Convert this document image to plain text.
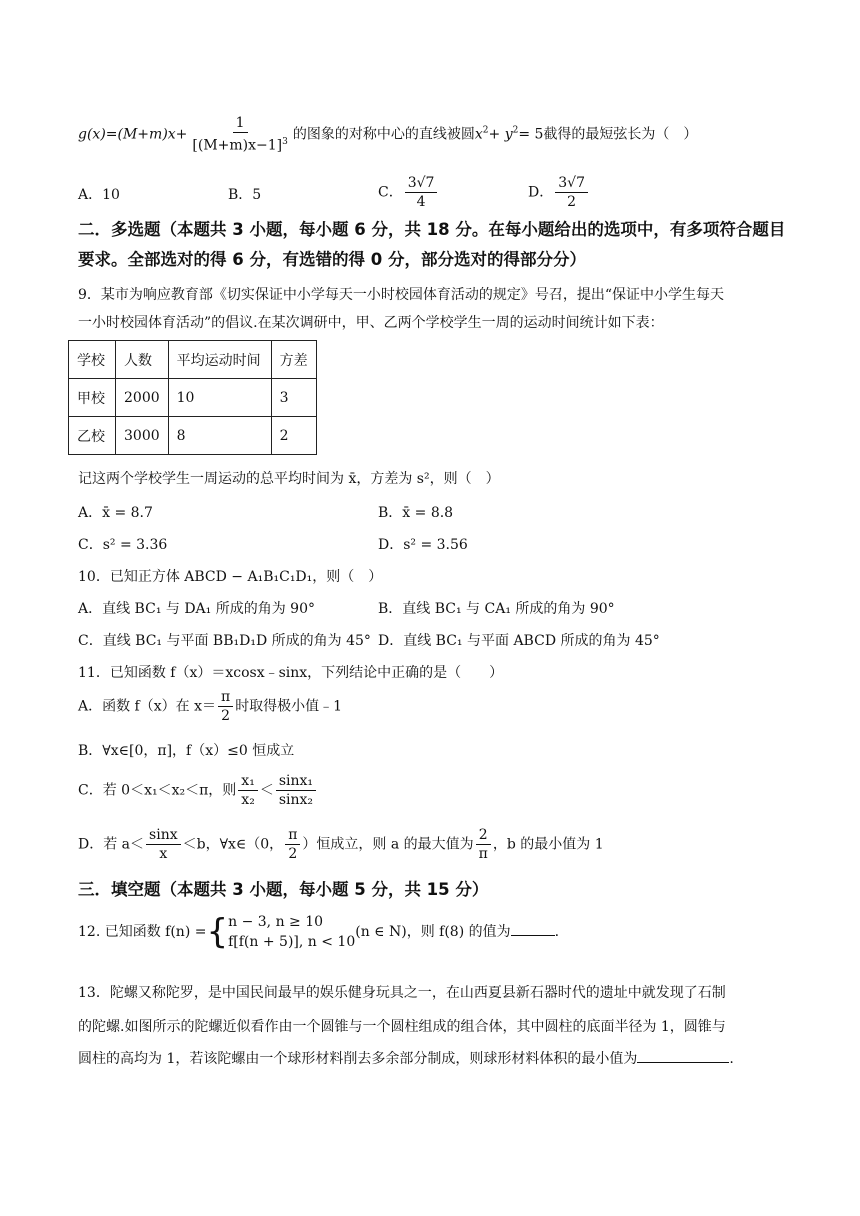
$g(x)=(M+m)x+ \frac{1}{[(M+m)x-1]^3}$ 的图象的对称中心的直线被圆$x^2+ y^2= 5$截得的最短弦长为（　）
A．10	B．5	C． $\frac{3√7}{4}$	D． $\frac{3√7}{2}$
二．多选题（本题共 3 小题，每小题 6 分，共 18 分。在每小题给出的选项中，有多项符合题目
要求。全部选对的得 6 分，有选错的得 0 分，部分选对的得部分分）
9．某市为响应教育部《切实保证中小学每天一小时校园体育活动的规定》号召，提出“保证中小学生每天
一小时校园体育活动”的倡议.在某次调研中，甲、乙两个学校学生一周的运动时间统计如下表：
学校	人数	平均运动时间	方差
甲校	2000	10	3
乙校	3000	8	2
记这两个学校学生一周运动的总平均时间为 x̄，方差为 s²，则（　）
A．x̄ = 8.7	B．x̄ = 8.8
C．s² = 3.36	D．s² = 3.56
10．已知正方体 ABCD − A₁B₁C₁D₁，则（　）
A．直线 BC₁ 与 DA₁ 所成的角为 90°	B．直线 BC₁ 与 CA₁ 所成的角为 90°
C．直线 BC₁ 与平面 BB₁D₁D 所成的角为 45° D．直线 BC₁ 与平面 ABCD 所成的角为 45°
11．已知函数 f（x）＝xcosx﹣sinx，下列结论中正确的是（　　）
A．函数 f（x）在 $x= \frac{\pi}{2}$ 时取得极小值﹣1
B．∀x∈[0，π]，f（x）≤0 恒成立
C．若 0＜x₁＜x₂＜π，则 $\frac{\text{x₁}}{\text{x₂}} < \frac{\text{sinx₁}}{\text{sinx₂}}$
D．若 $a< \frac{\sin x}{x} <b$，∀x∈（0， $\frac{\pi}{2}$ ）恒成立，则 a 的最大值为 $\frac{2}{\pi}$ ，b 的最小值为 1
三．填空题（本题共 3 小题，每小题 5 分，共 15 分）
12. 已知函数 f(n) ={ n − 3, n ≥ 10
f[f(n + 5)], n < 10
(n ∈ N)，则 f(8) 的值为	.
13．陀螺又称陀罗，是中国民间最早的娱乐健身玩具之一，在山西夏县新石器时代的遗址中就发现了石制
的陀螺.如图所示的陀螺近似看作由一个圆锥与一个圆柱组成的组合体，其中圆柱的底面半径为 1，圆锥与
圆柱的高均为 1，若该陀螺由一个球形材料削去多余部分制成，则球形材料体积的最小值为	.
